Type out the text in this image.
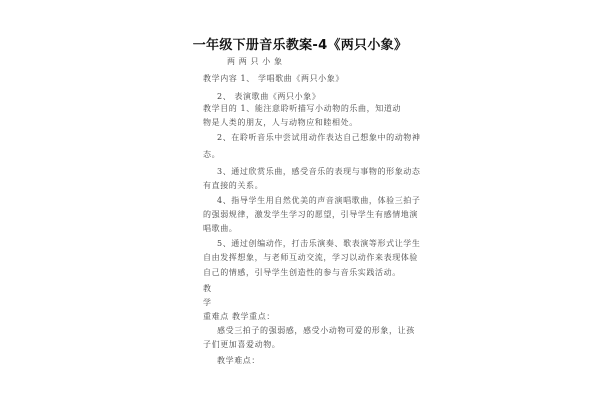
一年级下册音乐教案-4《两只小象》
两 两 只 小 象
教学内容 1、 学唱歌曲《两只小象》
2、 表演歌曲《两只小象》
教学目的 1、能注意聆听描写小动物的乐曲，知道动
物是人类的朋友，人与动物应和睦相处。
2、在聆听音乐中尝试用动作表达自己想象中的动物神
态。
3、通过欣赏乐曲，感受音乐的表现与事物的形象动态
有直接的关系。
4、指导学生用自然优美的声音演唱歌曲，体验三拍子
的强弱规律，激发学生学习的愿望，引导学生有感情地演
唱歌曲。
5、通过创编动作，打击乐演奏、歌表演等形式让学生
自由发挥想象，与老师互动交流，学习以动作来表现体验
自己的情感，引导学生创造性的参与音乐实践活动。
教
学
重难点 教学重点：
感受三拍子的强弱感，感受小动物可爱的形象，让孩
子们更加喜爱动物。
教学难点：
